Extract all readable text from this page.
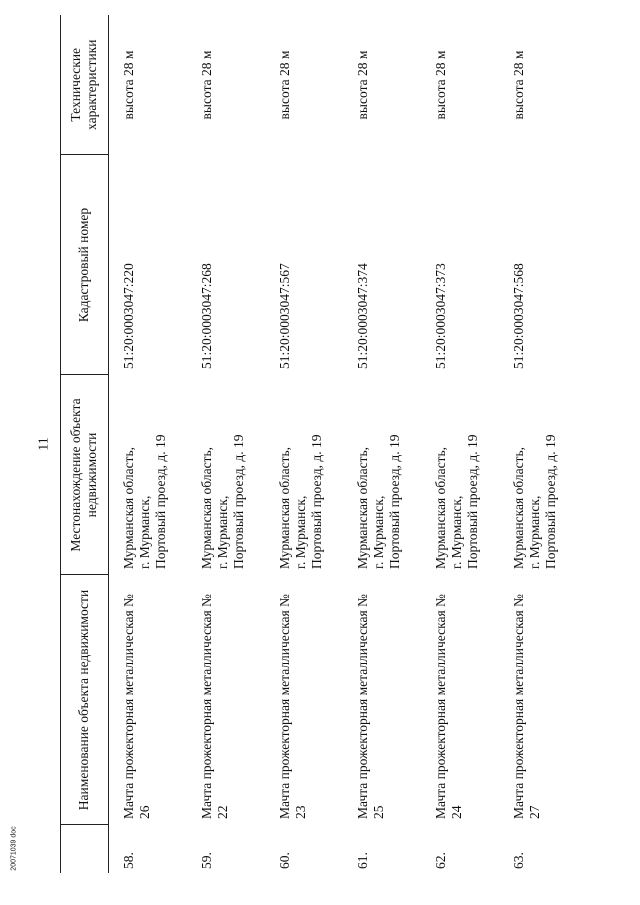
11
	Наименование объекта недвижимости	Местонахождение объекта недвижимости	Кадастровый номер	Технические характеристики
58.	Мачта прожекторная металлическая № 26	Мурманская область, г. Мурманск, Портовый проезд, д. 19	51:20:0003047:220	высота 28 м
59.	Мачта прожекторная металлическая № 22	Мурманская область, г. Мурманск, Портовый проезд, д. 19	51:20:0003047:268	высота 28 м
60.	Мачта прожекторная металлическая № 23	Мурманская область, г. Мурманск, Портовый проезд, д. 19	51:20:0003047:567	высота 28 м
61.	Мачта прожекторная металлическая № 25	Мурманская область, г. Мурманск, Портовый проезд, д. 19	51:20:0003047:374	высота 28 м
62.	Мачта прожекторная металлическая № 24	Мурманская область, г. Мурманск, Портовый проезд, д. 19	51:20:0003047:373	высота 28 м
63.	Мачта прожекторная металлическая № 27	Мурманская область, г. Мурманск, Портовый проезд, д. 19	51:20:0003047:568	высота 28 м
20071039 doc
